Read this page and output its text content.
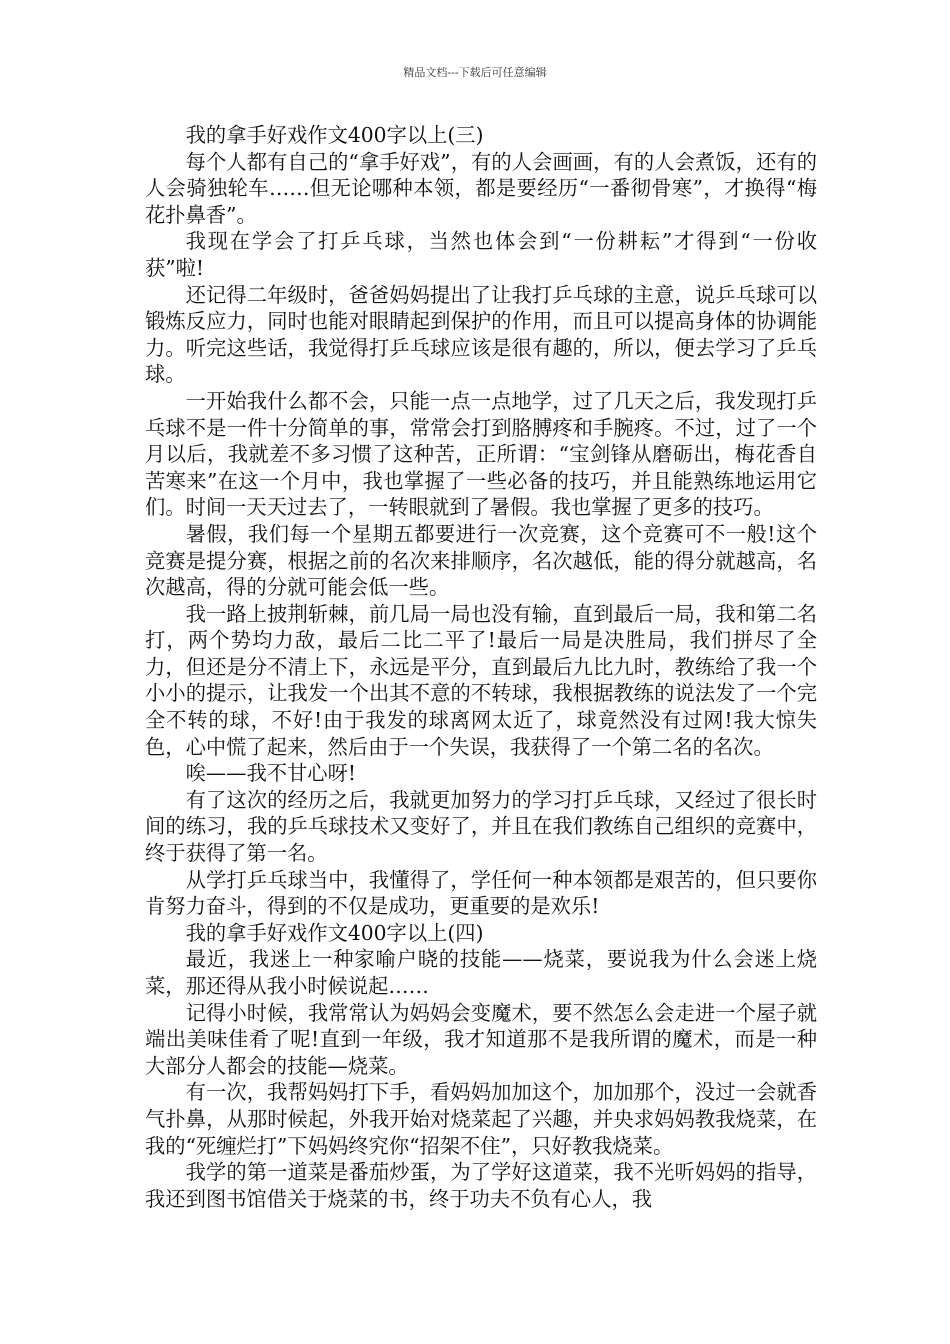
精品文档---下载后可任意编辑

我的拿手好戏作文400字以上(三)

每个人都有自己的“拿手好戏”，有的人会画画，有的人会煮饭，还有的人会骑独轮车……但无论哪种本领，都是要经历“一番彻骨寒”，才换得“梅花扑鼻香”。

我现在学会了打乒乓球，当然也体会到“一份耕耘”才得到“一份收获”啦!

还记得二年级时，爸爸妈妈提出了让我打乒乓球的主意，说乒乓球可以锻炼反应力，同时也能对眼睛起到保护的作用，而且可以提高身体的协调能力。听完这些话，我觉得打乒乓球应该是很有趣的，所以，便去学习了乒乓球。

一开始我什么都不会，只能一点一点地学，过了几天之后，我发现打乒乓球不是一件十分简单的事，常常会打到胳膊疼和手腕疼。不过，过了一个月以后，我就差不多习惯了这种苦，正所谓：“宝剑锋从磨砺出，梅花香自苦寒来”在这一个月中，我也掌握了一些必备的技巧，并且能熟练地运用它们。时间一天天过去了，一转眼就到了暑假。我也掌握了更多的技巧。

暑假，我们每一个星期五都要进行一次竞赛，这个竞赛可不一般!这个竞赛是提分赛，根据之前的名次来排顺序，名次越低，能的得分就越高，名次越高，得的分就可能会低一些。

我一路上披荆斩棘，前几局一局也没有输，直到最后一局，我和第二名打，两个势均力敌，最后二比二平了!最后一局是决胜局，我们拼尽了全力，但还是分不清上下，永远是平分，直到最后九比九时，教练给了我一个小小的提示，让我发一个出其不意的不转球，我根据教练的说法发了一个完全不转的球，不好!由于我发的球离网太近了，球竟然没有过网!我大惊失色，心中慌了起来，然后由于一个失误，我获得了一个第二名的名次。

唉——我不甘心呀!

有了这次的经历之后，我就更加努力的学习打乒乓球，又经过了很长时间的练习，我的乒乓球技术又变好了，并且在我们教练自己组织的竞赛中，终于获得了第一名。

从学打乒乓球当中，我懂得了，学任何一种本领都是艰苦的，但只要你肯努力奋斗，得到的不仅是成功，更重要的是欢乐!

我的拿手好戏作文400字以上(四)

最近，我迷上一种家喻户晓的技能——烧菜，要说我为什么会迷上烧菜，那还得从我小时候说起……

记得小时候，我常常认为妈妈会变魔术，要不然怎么会走进一个屋子就端出美味佳肴了呢!直到一年级，我才知道那不是我所谓的魔术，而是一种大部分人都会的技能—烧菜。

有一次，我帮妈妈打下手，看妈妈加加这个，加加那个，没过一会就香气扑鼻，从那时候起，外我开始对烧菜起了兴趣，并央求妈妈教我烧菜，在我的“死缠烂打”下妈妈终究你“招架不住”，只好教我烧菜。

我学的第一道菜是番茄炒蛋，为了学好这道菜，我不光听妈妈的指导，我还到图书馆借关于烧菜的书，终于功夫不负有心人，我
